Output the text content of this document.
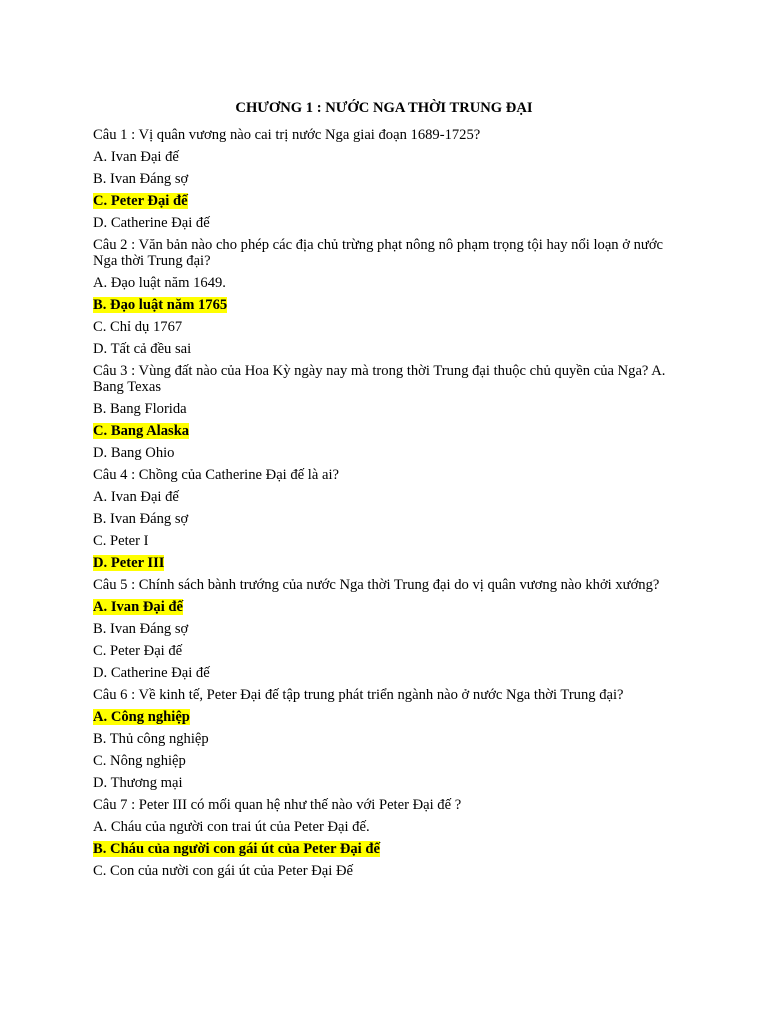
CHƯƠNG 1 : NƯỚC NGA THỜI TRUNG ĐẠI
Câu 1 : Vị quân vương nào cai trị nước Nga giai đoạn 1689-1725?
A. Ivan Đại đế
B. Ivan Đáng sợ
C. Peter Đại đế
D. Catherine Đại đế
Câu 2 : Văn bản nào cho phép các địa chủ trừng phạt nông nô phạm trọng tội hay nổi loạn ở nước Nga thời Trung đại?
A. Đạo luật năm 1649.
B. Đạo luật năm 1765
C. Chỉ dụ 1767
D. Tất cả đều sai
Câu 3 : Vùng đất nào của Hoa Kỳ ngày nay mà trong thời Trung đại thuộc chủ quyền của Nga? A. Bang Texas
B. Bang Florida
C. Bang Alaska
D. Bang Ohio
Câu 4 : Chồng của Catherine Đại đế là ai?
A. Ivan Đại đế
B. Ivan Đáng sợ
C. Peter I
D. Peter III
Câu 5 : Chính sách bành trướng của nước Nga thời Trung đại do vị quân vương nào khởi xướng?
A. Ivan Đại đế
B. Ivan Đáng sợ
C. Peter Đại đế
D. Catherine Đại đế
Câu 6 : Về kinh tế, Peter Đại đế tập trung phát triển ngành nào ở nước Nga thời Trung đại?
A. Công nghiệp
B. Thủ công nghiệp
C. Nông nghiệp
D. Thương mại
Câu 7 : Peter III có mối quan hệ như thế nào với Peter Đại đế ?
A. Cháu của người con trai út của Peter Đại đế.
B. Cháu của người con gái út của Peter Đại đế
C. Con của nười con gái út của Peter Đại Đế
